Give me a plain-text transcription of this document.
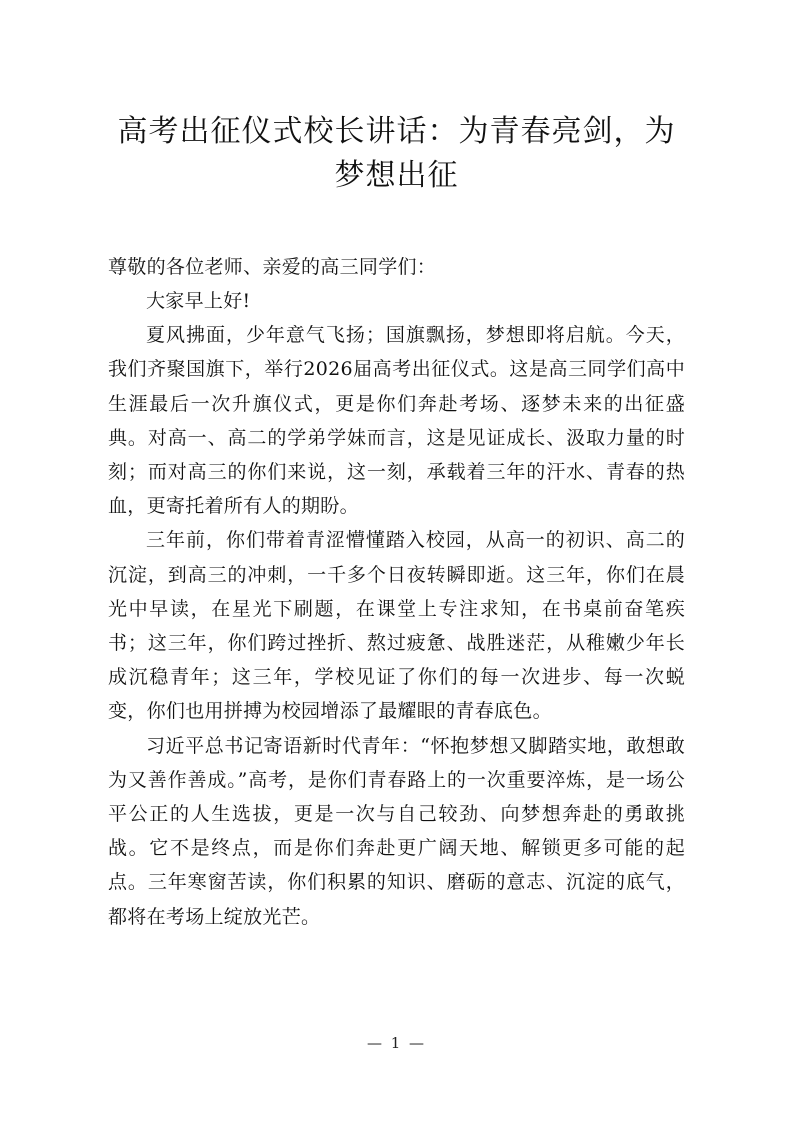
高考出征仪式校长讲话：为青春亮剑，为
梦想出征
尊敬的各位老师、亲爱的高三同学们：

大家早上好!

夏风拂面，少年意气飞扬；国旗飘扬，梦想即将启航。今天，我们齐聚国旗下，举行2026届高考出征仪式。这是高三同学们高中生涯最后一次升旗仪式，更是你们奔赴考场、逐梦未来的出征盛典。对高一、高二的学弟学妹而言，这是见证成长、汲取力量的时刻；而对高三的你们来说，这一刻，承载着三年的汗水、青春的热血，更寄托着所有人的期盼。

三年前，你们带着青涩懵懂踏入校园，从高一的初识、高二的沉淀，到高三的冲刺，一千多个日夜转瞬即逝。这三年，你们在晨光中早读，在星光下刷题，在课堂上专注求知，在书桌前奋笔疾书；这三年，你们跨过挫折、熬过疲惫、战胜迷茫，从稚嫩少年长成沉稳青年；这三年，学校见证了你们的每一次进步、每一次蜕变，你们也用拼搏为校园增添了最耀眼的青春底色。

习近平总书记寄语新时代青年：“怀抱梦想又脚踏实地，敢想敢为又善作善成。”高考，是你们青春路上的一次重要淬炼，是一场公平公正的人生选拔，更是一次与自己较劲、向梦想奔赴的勇敢挑战。它不是终点，而是你们奔赴更广阔天地、解锁更多可能的起点。三年寒窗苦读，你们积累的知识、磨砺的意志、沉淀的底气，都将在考场上绽放光芒。

— 1 —
